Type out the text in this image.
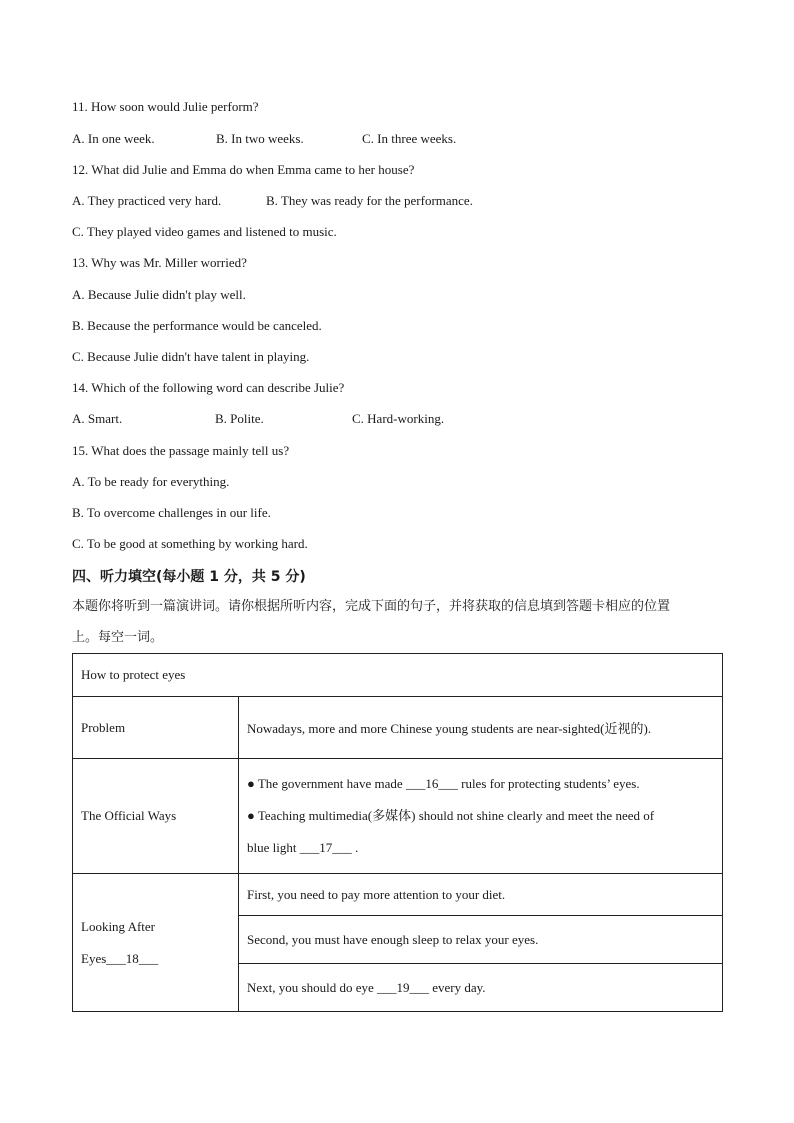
11. How soon would Julie perform?
A. In one week.	B. In two weeks.	C. In three weeks.
12. What did Julie and Emma do when Emma came to her house?
A. They practiced very hard.	B. They was ready for the performance.
C. They played video games and listened to music.
13. Why was Mr. Miller worried?
A. Because Julie didn't play well.
B. Because the performance would be canceled.
C. Because Julie didn't have talent in playing.
14. Which of the following word can describe Julie?
A. Smart.	B. Polite.	C. Hard-working.
15. What does the passage mainly tell us?
A. To be ready for everything.
B. To overcome challenges in our life.
C. To be good at something by working hard.
四、听力填空(每小题 1 分，共 5 分)
本题你将听到一篇演讲词。请你根据所听内容，完成下面的句子，并将获取的信息填到答题卡相应的位置
上。每空一词。
How to protect eyes	
Problem	Nowadays, more and more Chinese young students are near-sighted(近视的).
The Official Ways	● The government have made ___16___ rules for protecting students’ eyes.
● Teaching multimedia(多媒体) should not shine clearly and meet the need of
blue light ___17___ .

Looking After
Eyes___18___	First, you need to pay more attention to your diet.
	Second, you must have enough sleep to relax your eyes.
	Next, you should do eye ___19___ every day.
